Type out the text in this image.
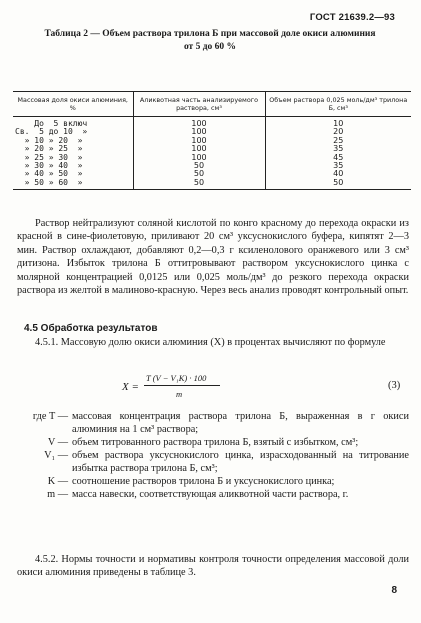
ГОСТ 21639.2—93
Таблица 2 — Объем раствора трилона Б при массовой доле окиси алюминия
от 5 до 60 %
Массовая доля окиси алюминия, %	Аликвотная часть анализируемого раствора, см³	Объем раствора 0,025 моль/дм³ трилона Б, см³
До  5 включ	100	10
Св.  5 до 10  »	100	20
» 10 » 20  »	100	25
» 20 » 25  »	100	35
» 25 » 30  »	100	45
» 30 » 40  »	50	35
» 40 » 50  »	50	40
» 50 » 60  »	50	50

Раствор нейтрализуют соляной кислотой по конго красному до перехода окраски из красной в сине-фиолетовую, приливают 20 см³ уксуснокислого буфера, кипятят 2—3 мин. Раствор охлаждают, добавляют 0,2—0,3 г ксиленолового оранжевого или 3 см³ дитизона. Избыток трилона Б оттитровывают раствором уксуснокислого цинка с молярной концентрацией 0,0125 или 0,025 моль/дм³ до резкого перехода окраски раствора из желтой в малиново-красную. Через весь анализ проводят контрольный опыт.

4.5 Обработка результатов

4.5.1. Массовую долю окиси алюминия (X) в процентах вычисляют по формуле

X =
T (V − V₁K) · 100
m
(3)
где T — массовая концентрация раствора трилона Б, выраженная в г окиси алюминия на 1 см³ раствора;
V — объем титрованного раствора трилона Б, взятый с избытком, см³;
V₁ — объем раствора уксуснокислого цинка, израсходованный на титрование избытка раствора трилона Б, см³;
K — соотношение растворов трилона Б и уксуснокислого цинка;
m — масса навески, соответствующая аликвотной части раствора, г.

4.5.2. Нормы точности и нормативы контроля точности определения массовой доли окиси алюминия приведены в таблице 3.

8
